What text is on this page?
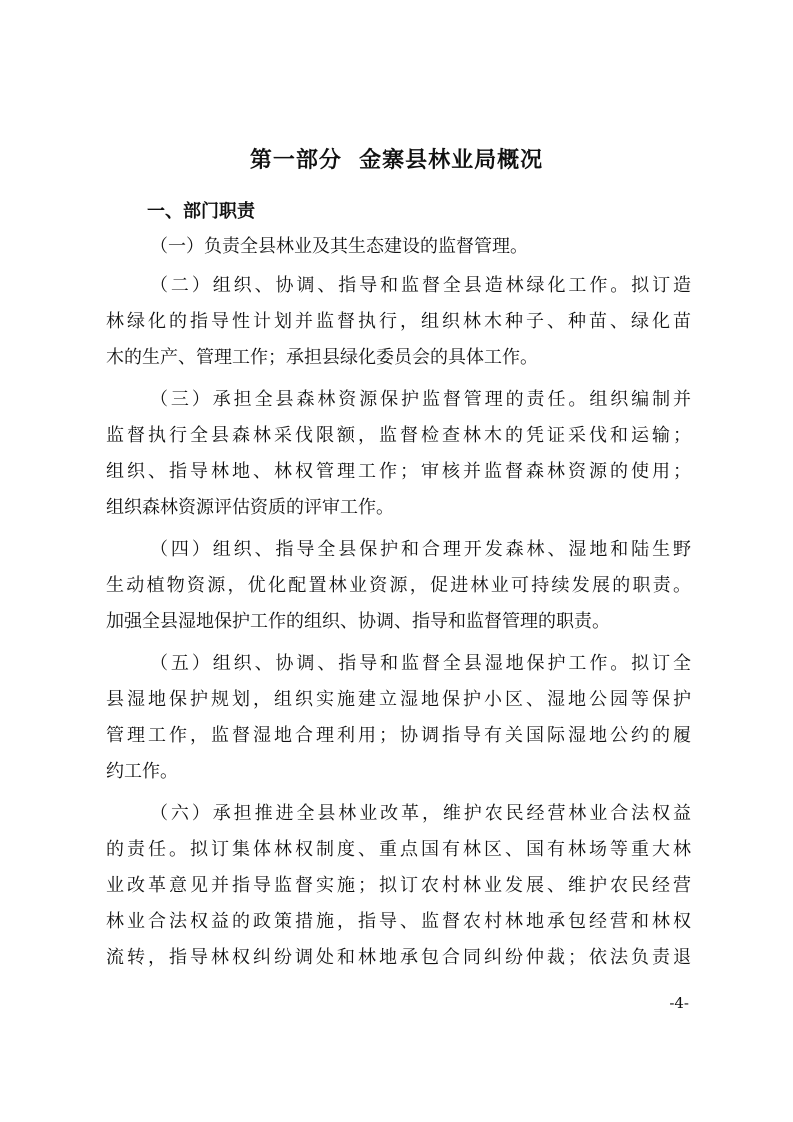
第一部分  金寨县林业局概况
一、部门职责
（一）负责全县林业及其生态建设的监督管理。
（二）组织、协调、指导和监督全县造林绿化工作。拟订造
林绿化的指导性计划并监督执行，组织林木种子、种苗、绿化苗
木的生产、管理工作；承担县绿化委员会的具体工作。
（三）承担全县森林资源保护监督管理的责任。组织编制并
监督执行全县森林采伐限额，监督检查林木的凭证采伐和运输；
组织、指导林地、林权管理工作；审核并监督森林资源的使用；
组织森林资源评估资质的评审工作。
（四）组织、指导全县保护和合理开发森林、湿地和陆生野
生动植物资源，优化配置林业资源，促进林业可持续发展的职责。
加强全县湿地保护工作的组织、协调、指导和监督管理的职责。
（五）组织、协调、指导和监督全县湿地保护工作。拟订全
县湿地保护规划，组织实施建立湿地保护小区、湿地公园等保护
管理工作，监督湿地合理利用；协调指导有关国际湿地公约的履
约工作。
（六）承担推进全县林业改革，维护农民经营林业合法权益
的责任。拟订集体林权制度、重点国有林区、国有林场等重大林
业改革意见并指导监督实施；拟订农村林业发展、维护农民经营
林业合法权益的政策措施，指导、监督农村林地承包经营和林权
流转，指导林权纠纷调处和林地承包合同纠纷仲裁；依法负责退
-4-
